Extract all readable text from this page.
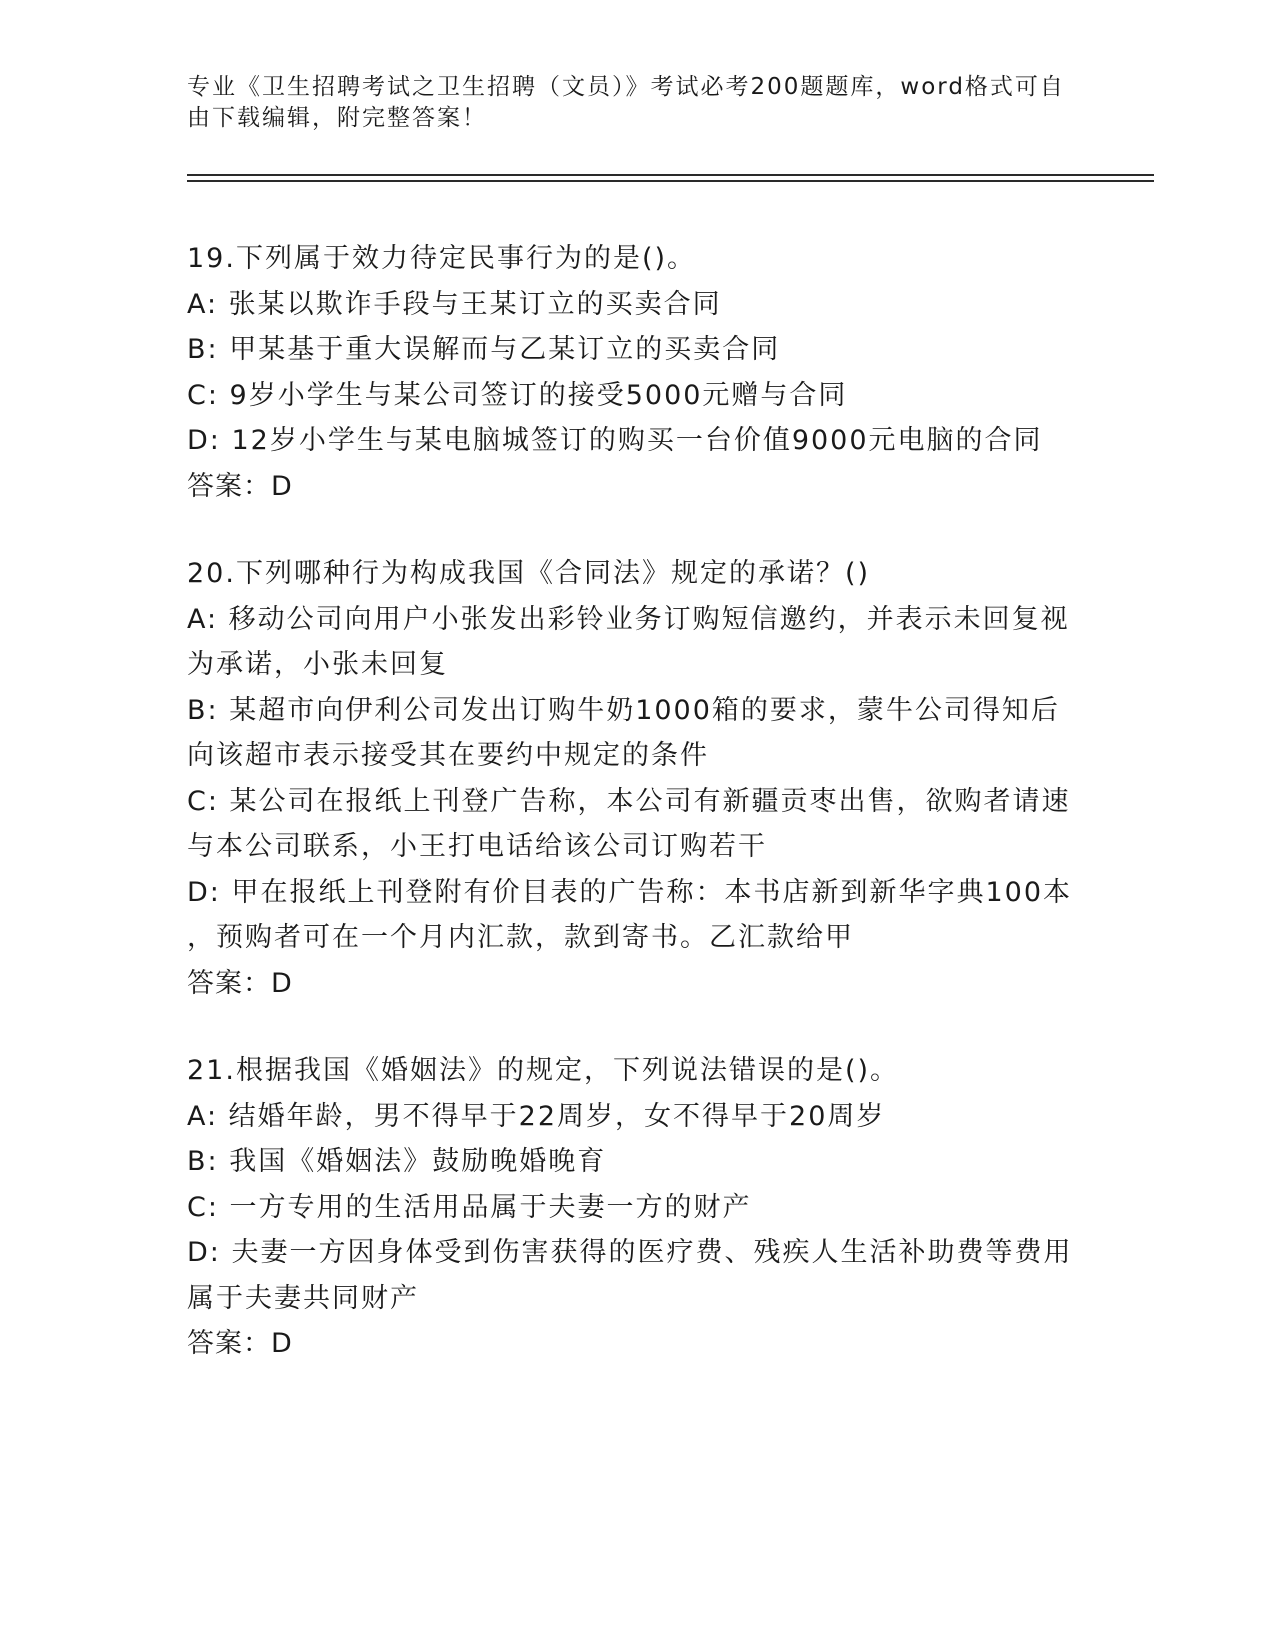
专业《卫生招聘考试之卫生招聘（文员）》考试必考200题题库，word格式可自
由下载编辑，附完整答案！
19.下列属于效力待定民事行为的是()。
A: 张某以欺诈手段与王某订立的买卖合同
B: 甲某基于重大误解而与乙某订立的买卖合同
C: 9岁小学生与某公司签订的接受5000元赠与合同
D: 12岁小学生与某电脑城签订的购买一台价值9000元电脑的合同
答案：D
20.下列哪种行为构成我国《合同法》规定的承诺？()
A: 移动公司向用户小张发出彩铃业务订购短信邀约，并表示未回复视
为承诺，小张未回复
B: 某超市向伊利公司发出订购牛奶1000箱的要求，蒙牛公司得知后
向该超市表示接受其在要约中规定的条件
C: 某公司在报纸上刊登广告称，本公司有新疆贡枣出售，欲购者请速
与本公司联系，小王打电话给该公司订购若干
D: 甲在报纸上刊登附有价目表的广告称：本书店新到新华字典100本
，预购者可在一个月内汇款，款到寄书。乙汇款给甲
答案：D
21.根据我国《婚姻法》的规定，下列说法错误的是()。
A: 结婚年龄，男不得早于22周岁，女不得早于20周岁
B: 我国《婚姻法》鼓励晚婚晚育
C: 一方专用的生活用品属于夫妻一方的财产
D: 夫妻一方因身体受到伤害获得的医疗费、残疾人生活补助费等费用
属于夫妻共同财产
答案：D
